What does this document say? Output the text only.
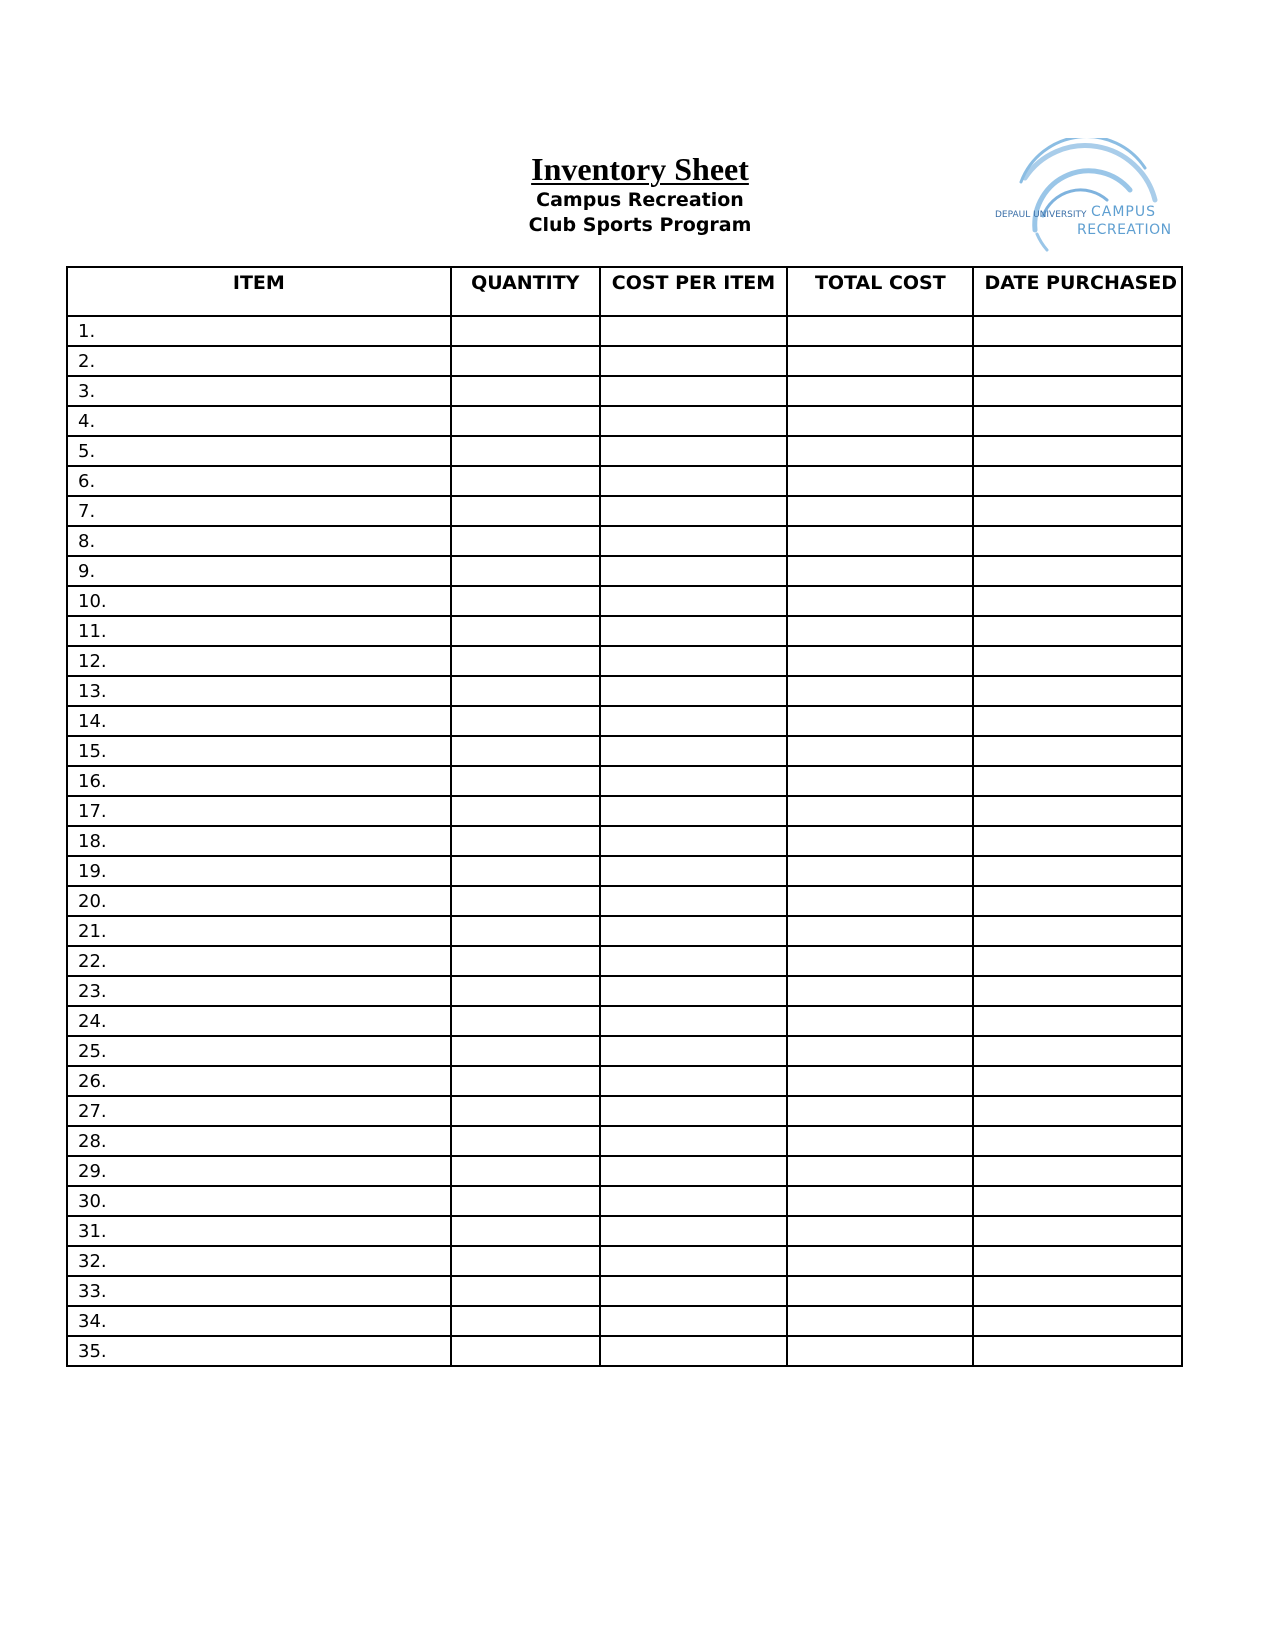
Inventory Sheet
Campus Recreation
Club Sports Program	DEPAUL UNIVERSITY CAMPUS
RECREATION
ITEM	QUANTITY	COST PER ITEM	TOTAL COST	DATE PURCHASED
1.				
2.				
3.				
4.				
5.				
6.				
7.				
8.				
9.				
10.				
11.				
12.				
13.				
14.				
15.				
16.				
17.				
18.				
19.				
20.				
21.				
22.				
23.				
24.				
25.				
26.				
27.				
28.				
29.				
30.				
31.				
32.				
33.				
34.				
35.				
